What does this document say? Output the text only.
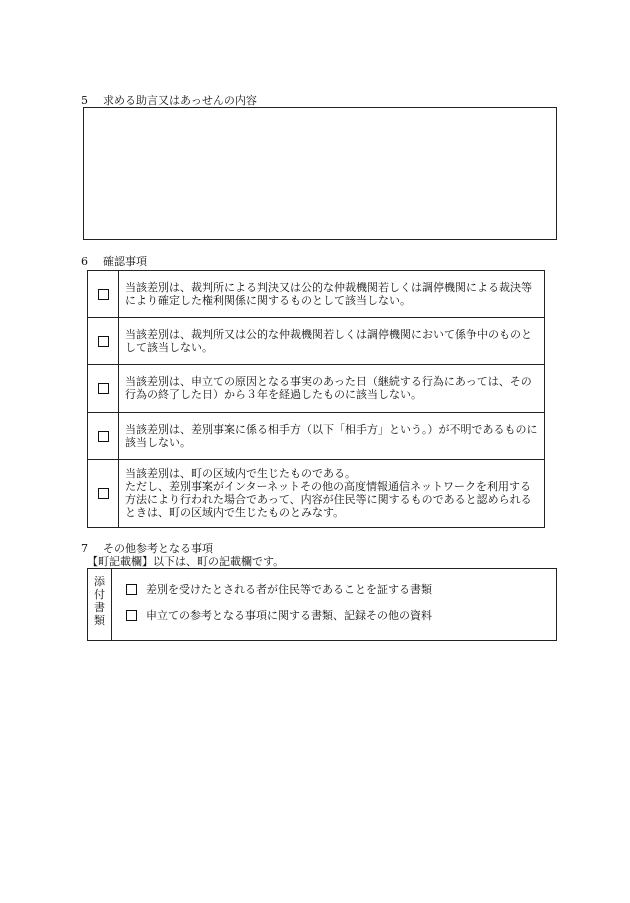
5 求める助言又はあっせんの内容
6 確認事項
	当該差別は、裁判所による判決又は公的な仲裁機関若しくは調停機関による裁決等により確定した権利関係に関するものとして該当しない。
	当該差別は、裁判所又は公的な仲裁機関若しくは調停機関において係争中のものとして該当しない。
	当該差別は、申立ての原因となる事実のあった日（継続する行為にあっては、その行為の終了した日）から３年を経過したものに該当しない。
	当該差別は、差別事案に係る相手方（以下「相手方」という。）が不明であるものに該当しない。
	当該差別は、町の区域内で生じたものである。
ただし、差別事案がインターネットその他の高度情報通信ネットワークを利用する方法により行われた場合であって、内容が住民等に関するものであると認められるときは、町の区域内で生じたものとみなす。
7 その他参考となる事項
【町記載欄】以下は、町の記載欄です。
添付書類
差別を受けたとされる者が住民等であることを証する書類
申立ての参考となる事項に関する書類、記録その他の資料
